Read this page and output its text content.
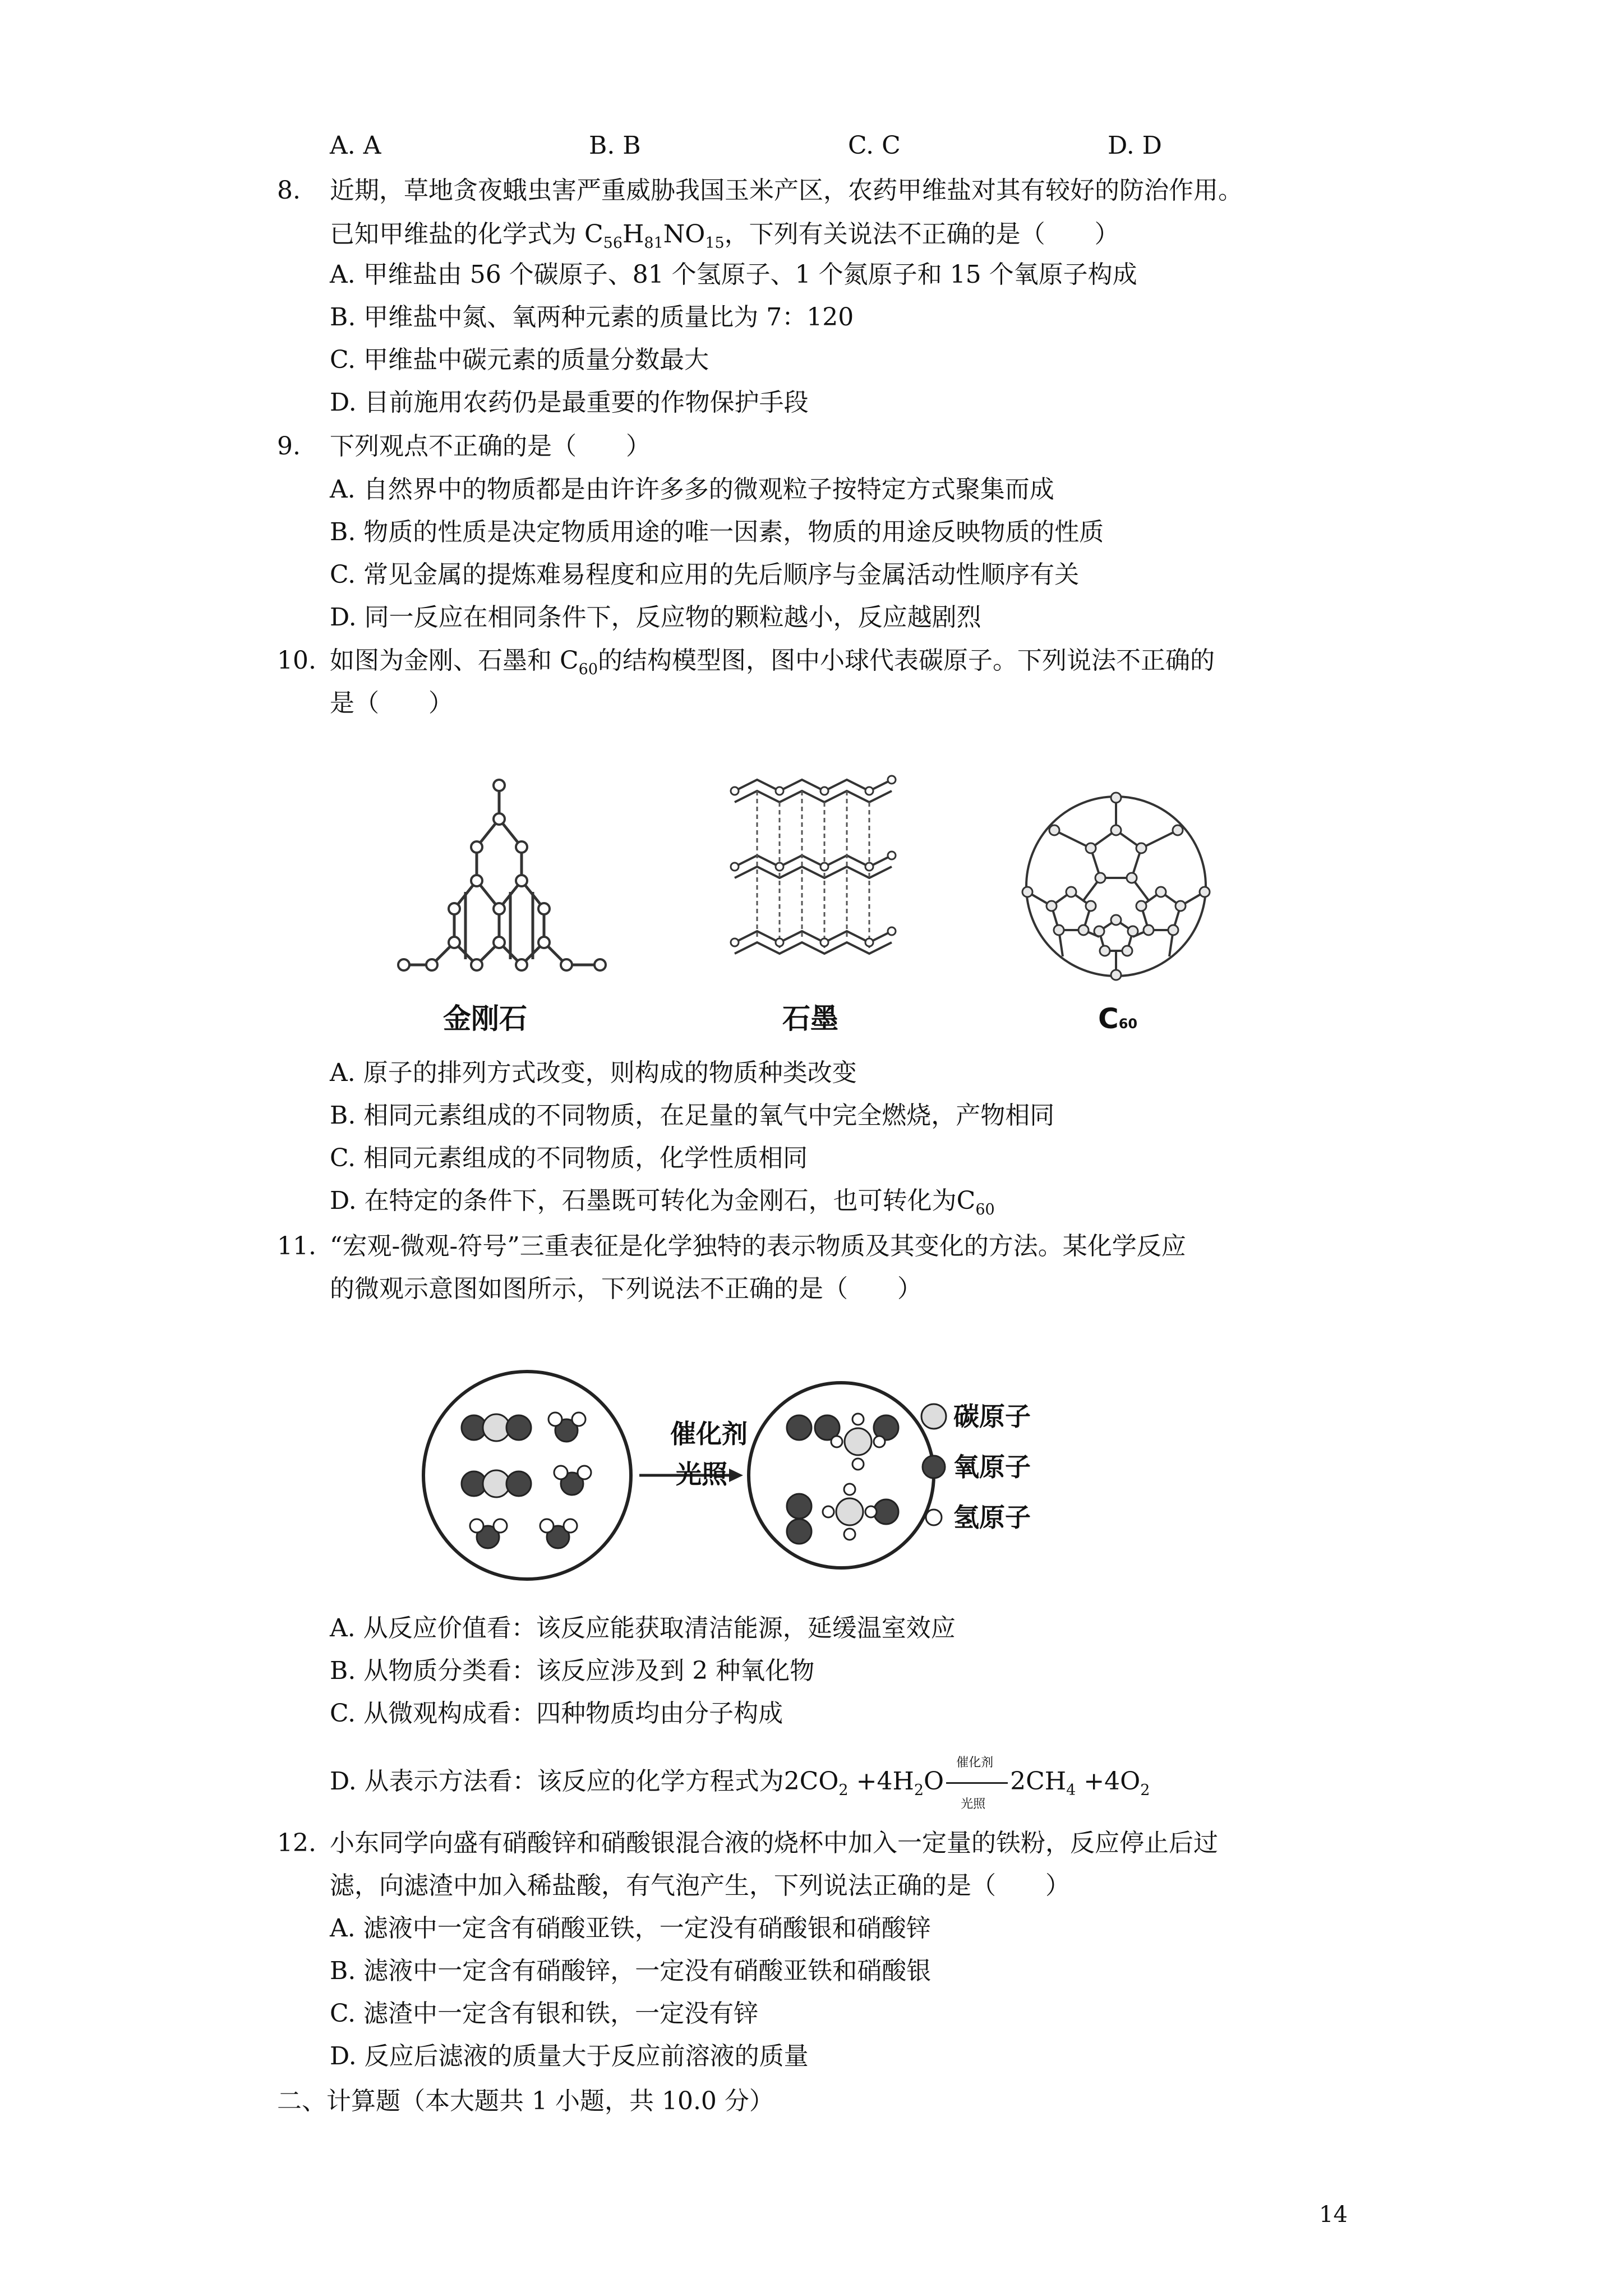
A. A	B. B	C. C	D. D
8. 近期，草地贪夜蛾虫害严重威胁我国玉米产区，农药甲维盐对其有较好的防治作用。
已知甲维盐的化学式为 $C_{56}H_{81}NO_{15}$，下列有关说法不正确的是（　　）
A. 甲维盐由 56 个碳原子、81 个氢原子、1 个氮原子和 15 个氧原子构成
B. 甲维盐中氮、氧两种元素的质量比为 7：120
C. 甲维盐中碳元素的质量分数最大
D. 目前施用农药仍是最重要的作物保护手段
9. 下列观点不正确的是（　　）
A. 自然界中的物质都是由许许多多的微观粒子按特定方式聚集而成
B. 物质的性质是决定物质用途的唯一因素，物质的用途反映物质的性质
C. 常见金属的提炼难易程度和应用的先后顺序与金属活动性顺序有关
D. 同一反应在相同条件下，反应物的颗粒越小，反应越剧烈
10. 如图为金刚、石墨和 $C_{60}$的结构模型图，图中小球代表碳原子。下列说法不正确的
是（　　）
金刚石	石墨	C60
A. 原子的排列方式改变，则构成的物质种类改变
B. 相同元素组成的不同物质，在足量的氧气中完全燃烧，产物相同
C. 相同元素组成的不同物质，化学性质相同
D. 在特定的条件下，石墨既可转化为金刚石，也可转化为$C_{60}$
11. “宏观-微观-符号”三重表征是化学独特的表示物质及其变化的方法。某化学反应
的微观示意图如图所示，下列说法不正确的是（　　）
催化剂
光照
碳原子
氧原子
氢原子
A. 从反应价值看：该反应能获取清洁能源，延缓温室效应
B. 从物质分类看：该反应涉及到 2 种氧化物
C. 从微观构成看：四种物质均由分子构成
D. 从表示方法看：该反应的化学方程式为$2CO_2 +4H_2O$
催化剂
光照
$2CH_4 +4O_2$
12. 小东同学向盛有硝酸锌和硝酸银混合液的烧杯中加入一定量的铁粉，反应停止后过
滤，向滤渣中加入稀盐酸，有气泡产生，下列说法正确的是（　　）
A. 滤液中一定含有硝酸亚铁，一定没有硝酸银和硝酸锌
B. 滤液中一定含有硝酸锌，一定没有硝酸亚铁和硝酸银
C. 滤渣中一定含有银和铁，一定没有锌
D. 反应后滤液的质量大于反应前溶液的质量
二、计算题（本大题共 1 小题，共 10.0 分）
14
